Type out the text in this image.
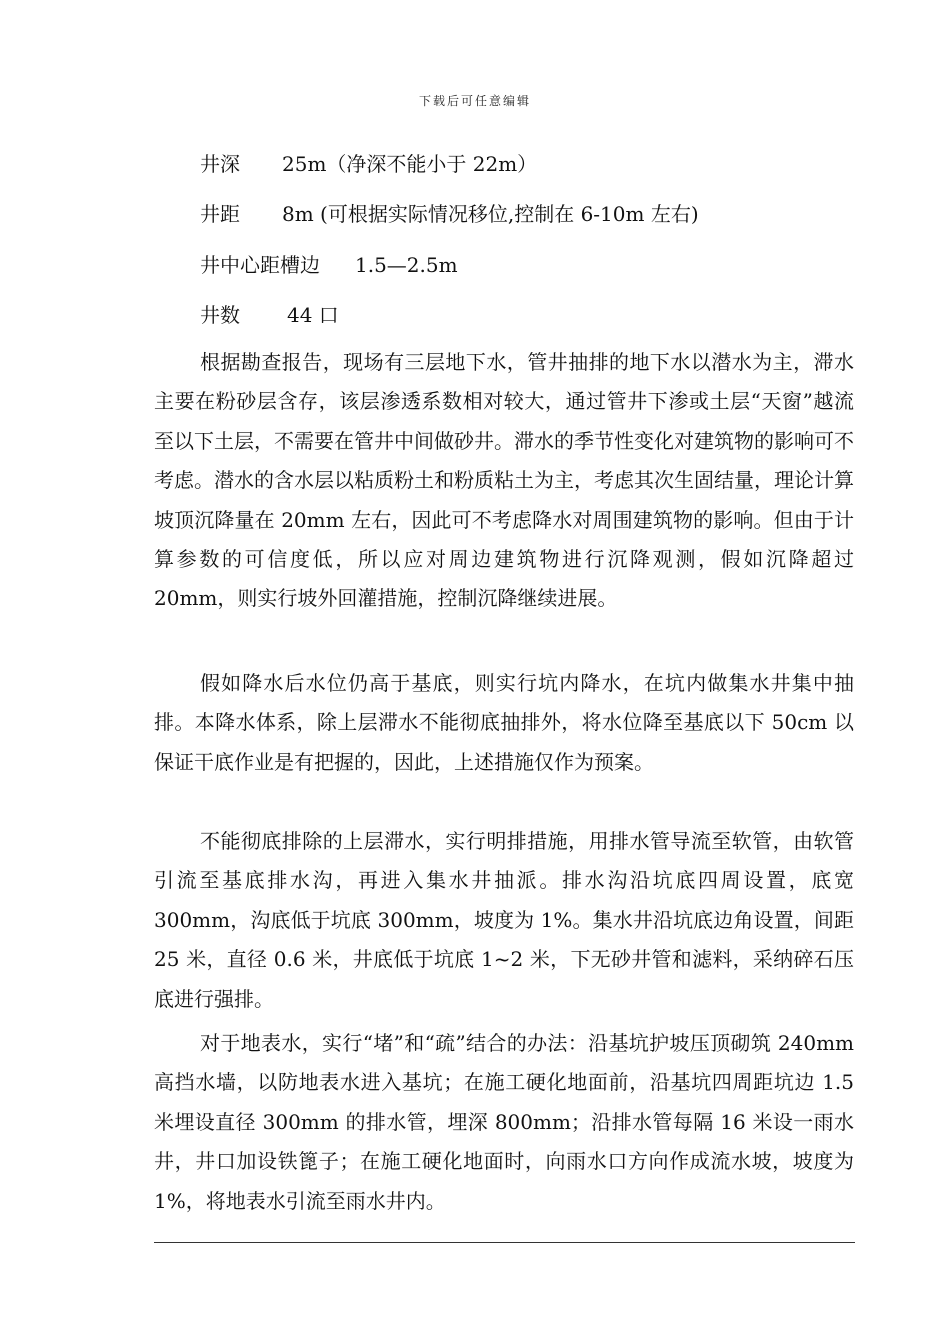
下载后可任意编辑
井深 25m（净深不能小于 22m）
井距 8m (可根据实际情况移位,控制在 6-10m 左右)
井中心距槽边 1.5—2.5m
井数 44 口

根据勘查报告，现场有三层地下水，管井抽排的地下水以潜水为主，滞水主要在粉砂层含存，该层渗透系数相对较大，通过管井下渗或土层“天窗”越流至以下土层，不需要在管井中间做砂井。滞水的季节性变化对建筑物的影响可不考虑。潜水的含水层以粘质粉土和粉质粘土为主，考虑其次生固结量，理论计算坡顶沉降量在 20mm 左右，因此可不考虑降水对周围建筑物的影响。但由于计算参数的可信度低，所以应对周边建筑物进行沉降观测，假如沉降超过 20mm，则实行坡外回灌措施，控制沉降继续进展。

假如降水后水位仍高于基底，则实行坑内降水，在坑内做集水井集中抽排。本降水体系，除上层滞水不能彻底抽排外，将水位降至基底以下 50cm 以保证干底作业是有把握的，因此，上述措施仅作为预案。

不能彻底排除的上层滞水，实行明排措施，用排水管导流至软管，由软管引流至基底排水沟，再进入集水井抽派。排水沟沿坑底四周设置，底宽 300mm，沟底低于坑底 300mm，坡度为 1%。集水井沿坑底边角设置，间距 25 米，直径 0.6 米，井底低于坑底 1~2 米，下无砂井管和滤料，采纳碎石压底进行强排。

对于地表水，实行“堵”和“疏”结合的办法：沿基坑护坡压顶砌筑 240mm 高挡水墙，以防地表水进入基坑；在施工硬化地面前，沿基坑四周距坑边 1.5 米埋设直径 300mm 的排水管，埋深 800mm；沿排水管每隔 16 米设一雨水井，井口加设铁篦子；在施工硬化地面时，向雨水口方向作成流水坡，坡度为 1%，将地表水引流至雨水井内。
